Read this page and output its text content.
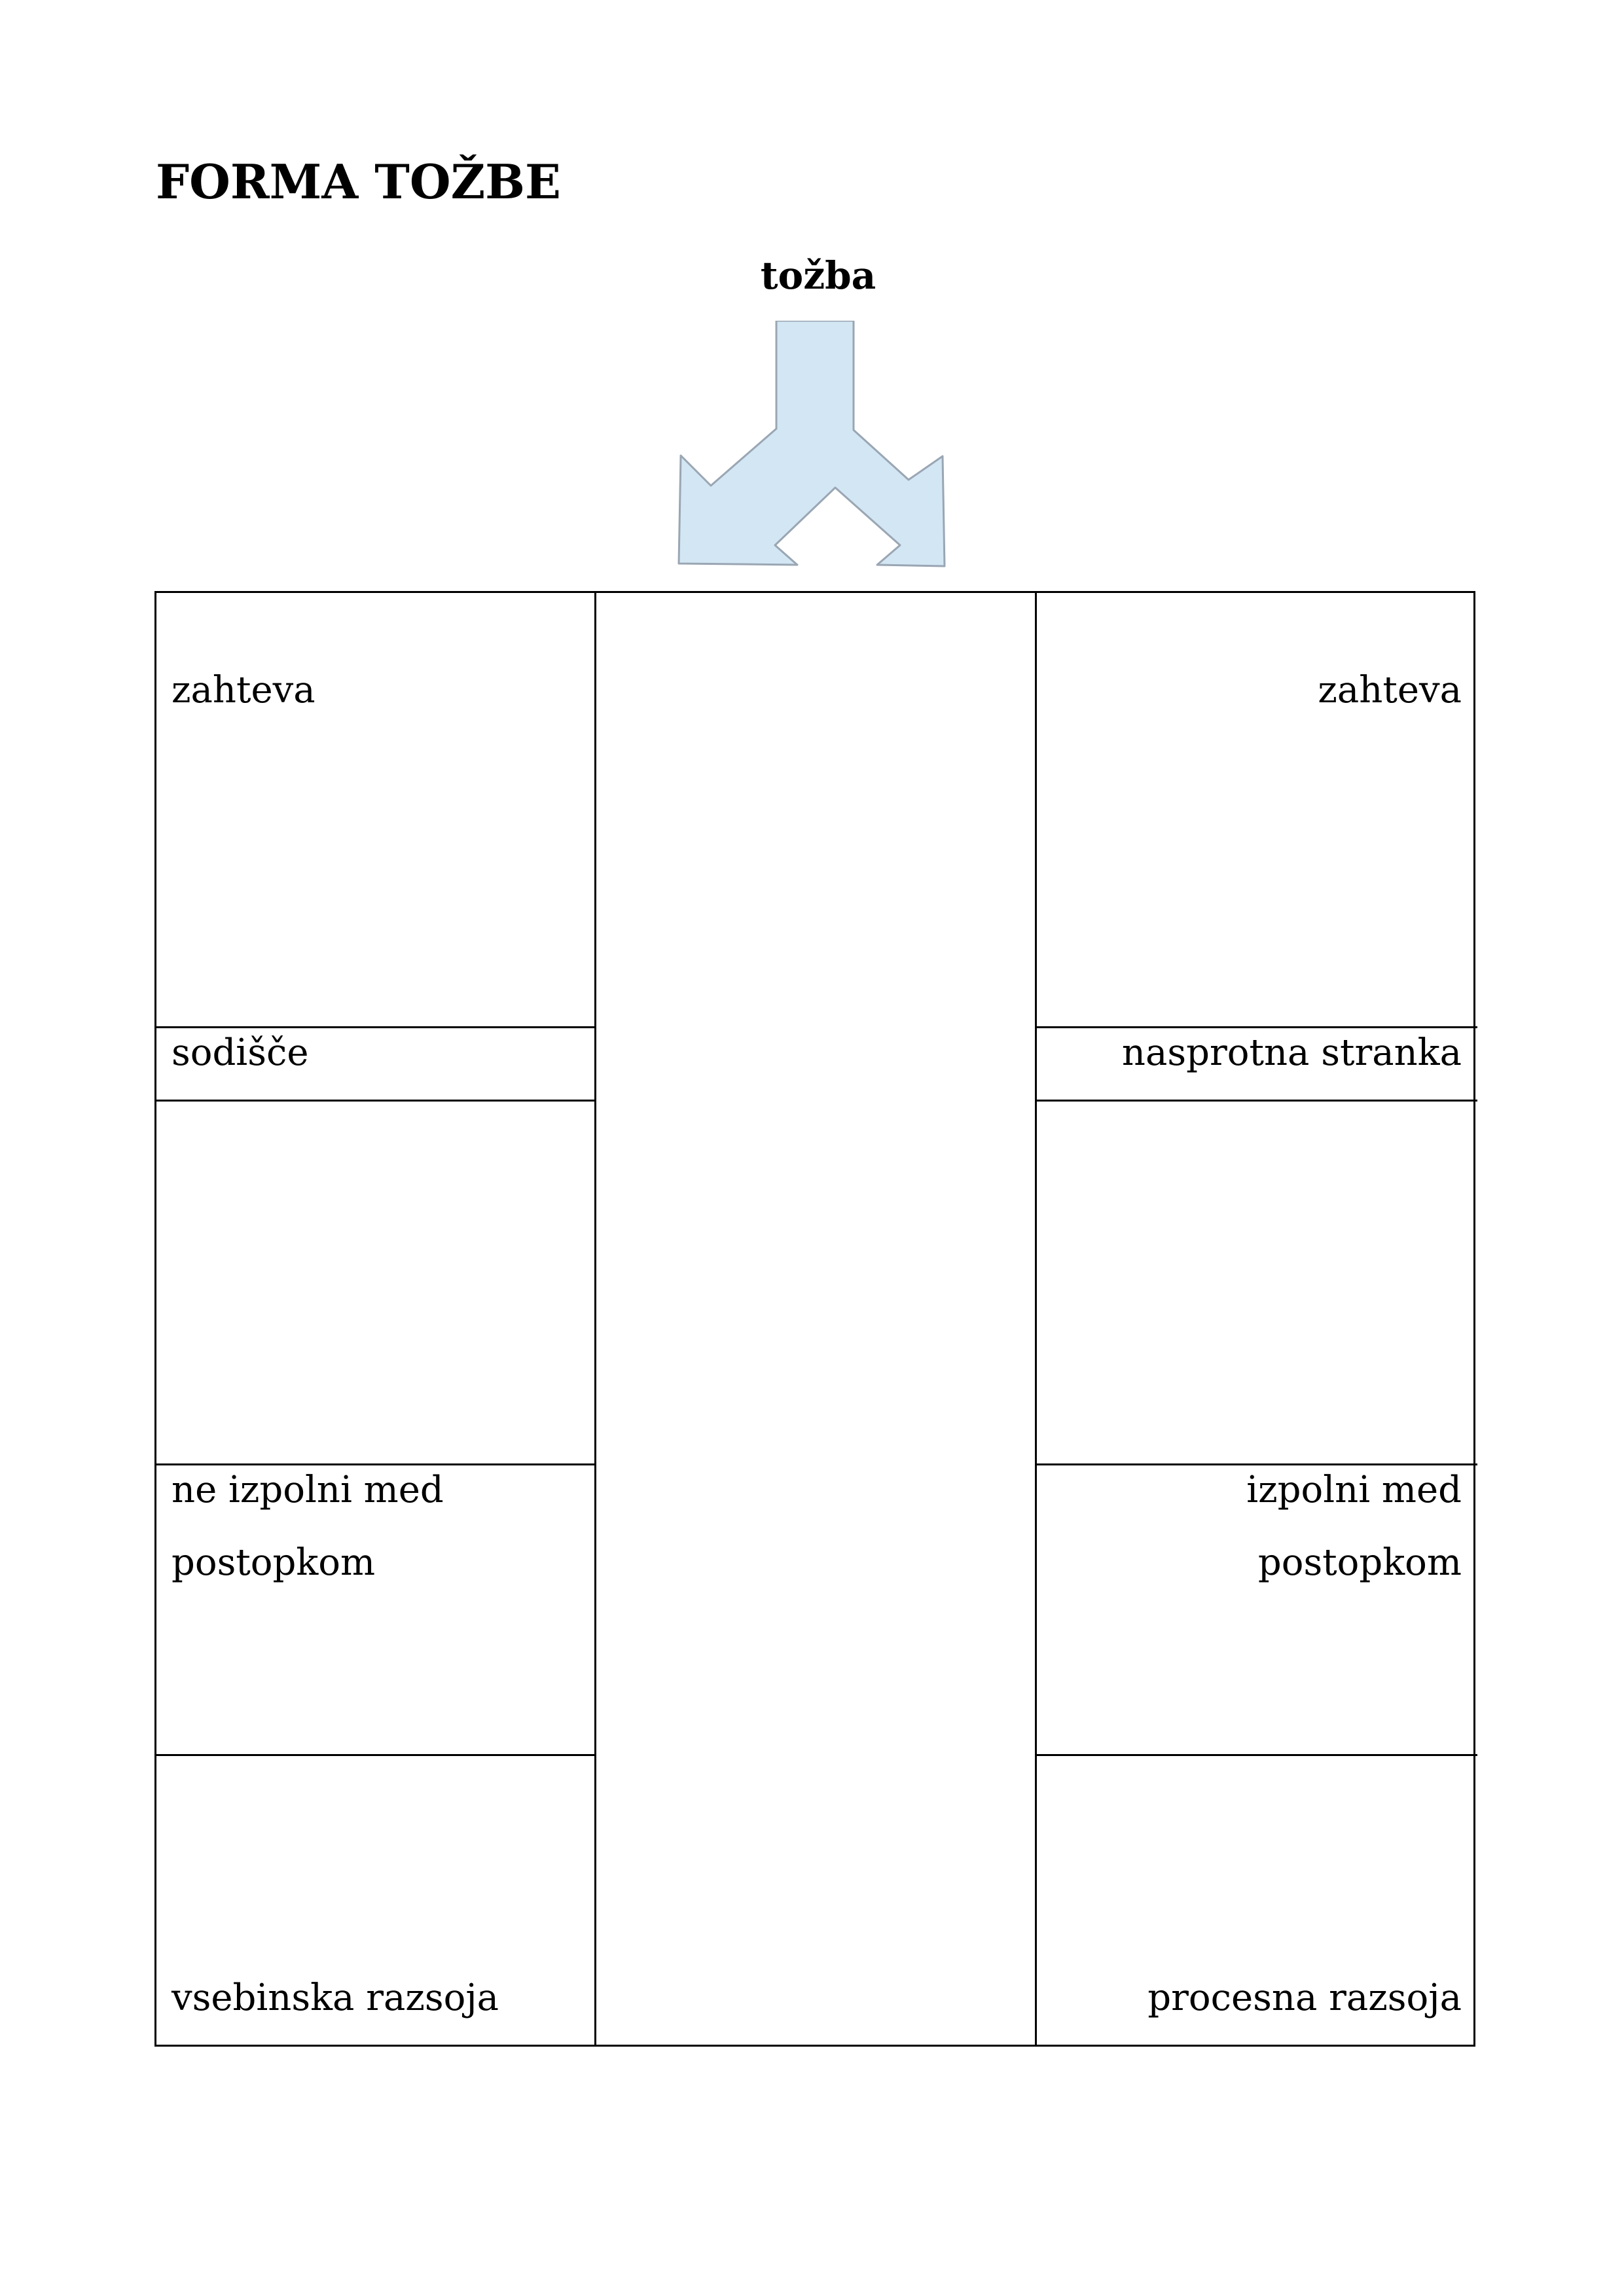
FORMA TOŽBE
tožba
zahteva
sodišče
ne izpolni med
postopkom
vsebinska razsoja
zahteva
nasprotna stranka
izpolni med
postopkom
procesna razsoja
